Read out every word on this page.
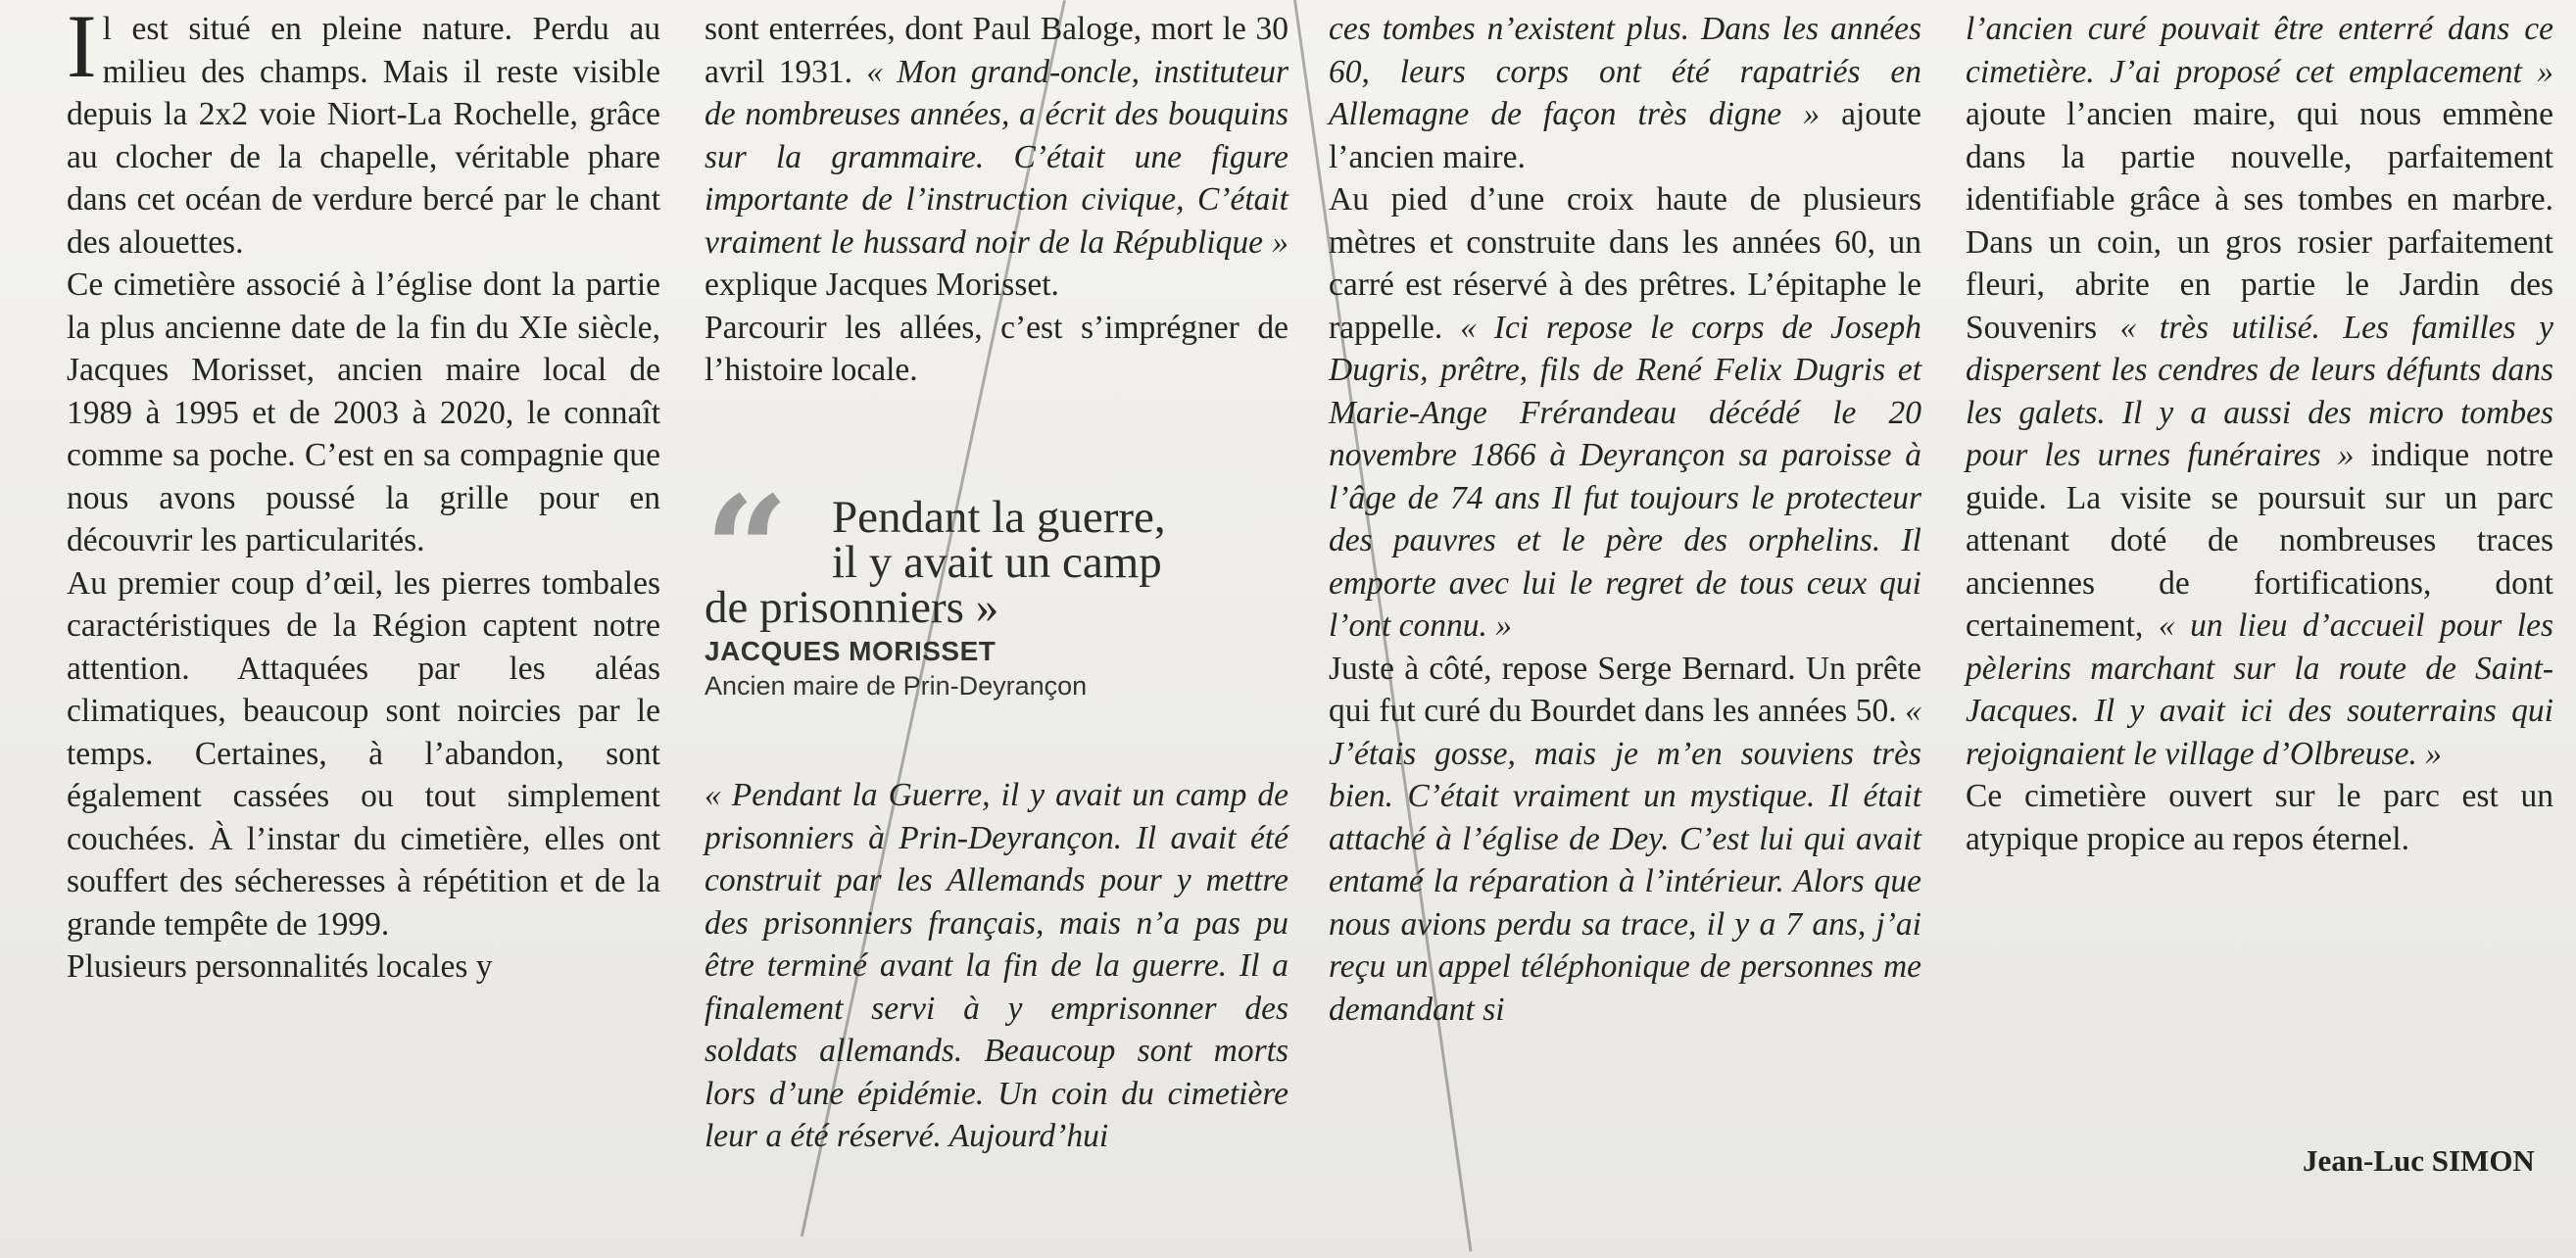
Il est situé en pleine nature. Perdu au milieu des champs. Mais il reste visible depuis la 2x2 voie Niort-La Rochelle, grâce au clocher de la chapelle, véritable phare dans cet océan de verdure bercé par le chant des alouettes.

Ce cimetière associé à l’église dont la partie la plus ancienne date de la fin du XIe siècle, Jacques Morisset, ancien maire local de 1989 à 1995 et de 2003 à 2020, le connaît comme sa poche. C’est en sa compagnie que nous avons poussé la grille pour en découvrir les particularités.

Au premier coup d’œil, les pierres tombales caractéristiques de la Région captent notre attention. Attaquées par les aléas climatiques, beaucoup sont noircies par le temps. Certaines, à l’abandon, sont également cassées ou tout simplement couchées. À l’instar du cimetière, elles ont souffert des sécheresses à répétition et de la grande tempête de 1999.

Plusieurs personnalités locales y

sont enterrées, dont Paul Baloge, mort le 30 avril 1931. « Mon grand-oncle, instituteur de nombreuses années, a écrit des bouquins sur la grammaire. C’était une figure importante de l’instruction civique, C’était vraiment le hussard noir de la République » explique Jacques Morisset.

Parcourir les allées, c’est s’imprégner de l’histoire locale.

“ Pendant la guerre,
il y avait un camp
de prisonniers »
JACQUES MORISSET
Ancien maire de Prin-Deyrançon

« Pendant la Guerre, il y avait un camp de prisonniers à Prin-Deyrançon. Il avait été construit par les Allemands pour y mettre des prisonniers français, mais n’a pas pu être terminé avant la fin de la guerre. Il a finalement servi à y emprisonner des soldats allemands. Beaucoup sont morts lors d’une épidémie. Un coin du cimetière leur a été réservé. Aujourd’hui

ces tombes n’existent plus. Dans les années 60, leurs corps ont été rapatriés en Allemagne de façon très digne » ajoute l’ancien maire.

Au pied d’une croix haute de plusieurs mètres et construite dans les années 60, un carré est réservé à des prêtres. L’épitaphe le rappelle. « Ici repose le corps de Joseph Dugris, prêtre, fils de René Felix Dugris et Marie-Ange Frérandeau décédé le 20 novembre 1866 à Deyrançon sa paroisse à l’âge de 74 ans Il fut toujours le protecteur des pauvres et le père des orphelins. Il emporte avec lui le regret de tous ceux qui l’ont connu. »

Juste à côté, repose Serge Bernard. Un prête qui fut curé du Bourdet dans les années 50. « J’étais gosse, mais je m’en souviens très bien. C’était vraiment un mystique. Il était attaché à l’église de Dey. C’est lui qui avait entamé la réparation à l’intérieur. Alors que nous avions perdu sa trace, il y a 7 ans, j’ai reçu un appel téléphonique de personnes me demandant si

l’ancien curé pouvait être enterré dans ce cimetière. J’ai proposé cet emplacement » ajoute l’ancien maire, qui nous emmène dans la partie nouvelle, parfaitement identifiable grâce à ses tombes en marbre. Dans un coin, un gros rosier parfaitement fleuri, abrite en partie le Jardin des Souvenirs « très utilisé. Les familles y dispersent les cendres de leurs défunts dans les galets. Il y a aussi des micro tombes pour les urnes funéraires » indique notre guide. La visite se poursuit sur un parc attenant doté de nombreuses traces anciennes de fortifications, dont certainement, « un lieu d’accueil pour les pèlerins marchant sur la route de Saint-Jacques. Il y avait ici des souterrains qui rejoignaient le village d’Olbreuse. »

Ce cimetière ouvert sur le parc est un atypique propice au repos éternel.

Jean-Luc SIMON
